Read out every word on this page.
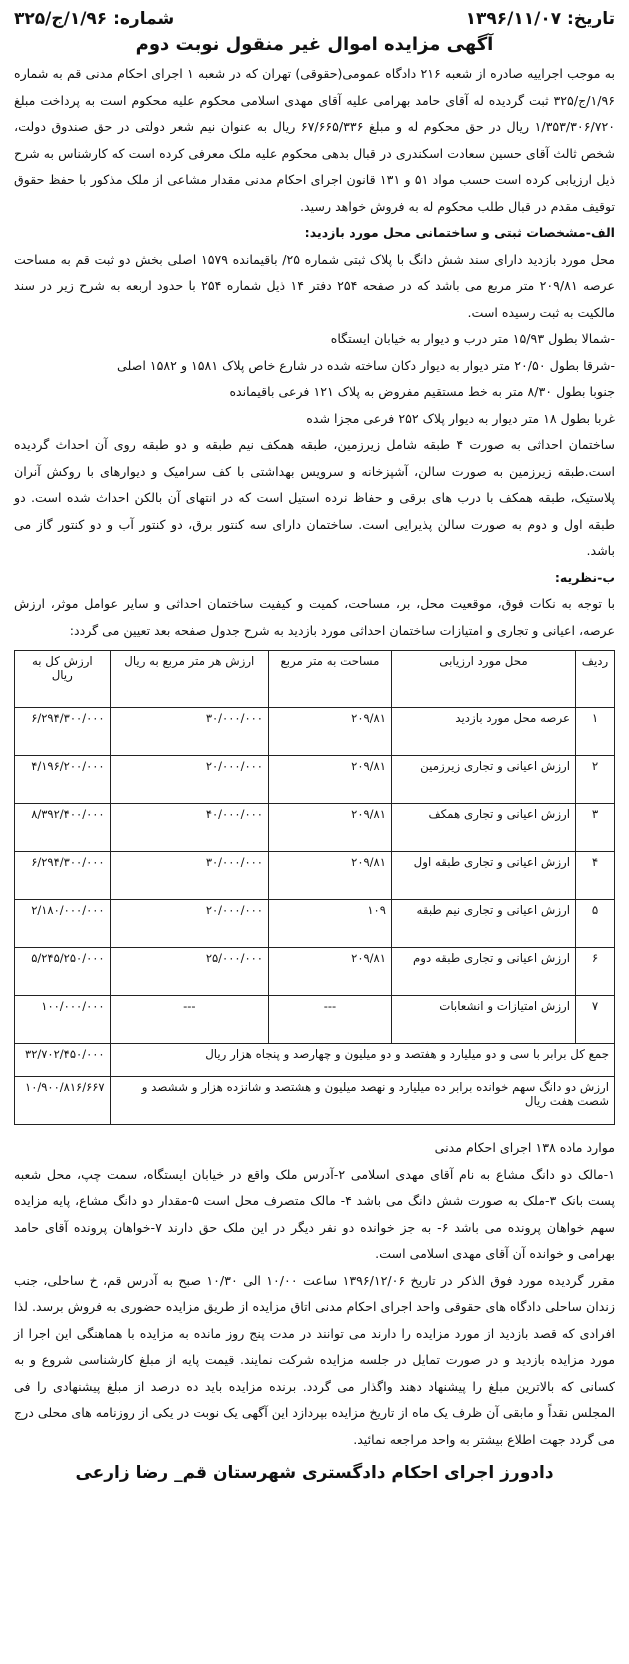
تاریخ: ۱۳۹۶/۱۱/۰۷
شماره: ۱/۹۶/ج/۳۲۵
آگهی مزایده اموال غیر منقول نوبت دوم

به موجب اجراییه صادره از شعبه ۲۱۶ دادگاه عمومی(حقوقی) تهران که در شعبه ۱ اجرای احکام مدنی قم به شماره ۱/۹۶/ج/۳۲۵ ثبت گردیده له آقای حامد بهرامی علیه آقای مهدی اسلامی محکوم علیه محکوم است به پرداخت مبلغ ۱/۳۵۳/۳۰۶/۷۲۰ ریال در حق محکوم له و مبلغ ۶۷/۶۶۵/۳۳۶ ریال به عنوان نیم شعر دولتی در حق صندوق دولت، شخص ثالث آقای حسین سعادت اسکندری در قبال بدهی محکوم علیه ملک معرفی کرده است که کارشناس به شرح ذیل ارزیابی کرده است حسب مواد ۵۱ و ۱۳۱ قانون اجرای احکام مدنی مقدار مشاعی از ملک مذکور با حفظ حقوق توقیف مقدم در قبال طلب محکوم له به فروش خواهد رسید.

الف-مشخصات ثبتی و ساختمانی محل مورد بازدید:

محل مورد بازدید دارای سند شش دانگ با پلاک ثبتی شماره ۲۵/ باقیمانده ۱۵۷۹ اصلی بخش دو ثبت قم به مساحت عرصه ۲۰۹/۸۱ متر مربع می باشد که در صفحه ۲۵۴ دفتر ۱۴ ذیل شماره ۲۵۴ با حدود اربعه به شرح زیر در سند مالکیت به ثبت رسیده است.

-شمالا بطول ۱۵/۹۳ متر درب و دیوار به خیابان ایستگاه

-شرقا بطول ۲۰/۵۰ متر دیوار به دیوار دکان ساخته شده در شارع خاص پلاک ۱۵۸۱ و ۱۵۸۲ اصلی

جنوبا بطول ۸/۳۰ متر به خط مستقیم مفروض به پلاک ۱۲۱ فرعی باقیمانده

غربا بطول ۱۸ متر دیوار به دیوار پلاک ۲۵۲ فرعی مجزا شده

ساختمان احداثی به صورت ۴ طبقه شامل زیرزمین، طبقه همکف نیم طبقه و دو طبقه روی آن احداث گردیده است.طبقه زیرزمین به صورت سالن، آشپزخانه و سرویس بهداشتی با کف سرامیک و دیوارهای با روکش آنران پلاستیک، طبقه همکف با درب های برقی و حفاظ نرده استیل است که در انتهای آن بالکن احداث شده است. دو طبقه اول و دوم به صورت سالن پذیرایی است. ساختمان دارای سه کنتور برق، دو کنتور آب و دو کنتور گاز می باشد.

ب-نظریه:

با توجه به نکات فوق، موقعیت محل، بر، مساحت، کمیت و کیفیت ساختمان احداثی و سایر عوامل موثر، ارزش عرصه، اعیانی و تجاری و امتیازات ساختمان احداثی مورد بازدید به شرح جدول صفحه بعد تعیین می گردد:

ردیف	محل مورد ارزیابی	مساحت به متر مربع	ارزش هر متر مربع به ریال	ارزش کل به ریال
۱	عرصه محل مورد بازدید	۲۰۹/۸۱	۳۰/۰۰۰/۰۰۰	۶/۲۹۴/۳۰۰/۰۰۰
۲	ارزش اعیانی و تجاری زیرزمین	۲۰۹/۸۱	۲۰/۰۰۰/۰۰۰	۴/۱۹۶/۲۰۰/۰۰۰
۳	ارزش اعیانی و تجاری همکف	۲۰۹/۸۱	۴۰/۰۰۰/۰۰۰	۸/۳۹۲/۴۰۰/۰۰۰
۴	ارزش اعیانی و تجاری طبقه اول	۲۰۹/۸۱	۳۰/۰۰۰/۰۰۰	۶/۲۹۴/۳۰۰/۰۰۰
۵	ارزش اعیانی و تجاری نیم طبقه	۱۰۹	۲۰/۰۰۰/۰۰۰	۲/۱۸۰/۰۰۰/۰۰۰
۶	ارزش اعیانی و تجاری طبقه دوم	۲۰۹/۸۱	۲۵/۰۰۰/۰۰۰	۵/۲۴۵/۲۵۰/۰۰۰
۷	ارزش امتیازات و انشعابات	---	---	۱۰۰/۰۰۰/۰۰۰
جمع کل برابر با سی و دو میلیارد و هفتصد و دو میلیون و چهارصد و پنجاه هزار ریال				۳۲/۷۰۲/۴۵۰/۰۰۰
ارزش دو دانگ سهم خوانده برابر ده میلیارد و نهصد میلیون و هشتصد و شانزده هزار و ششصد و شصت هفت ریال				۱۰/۹۰۰/۸۱۶/۶۶۷

موارد ماده ۱۳۸ اجرای احکام مدنی

۱-مالک دو دانگ مشاع به نام آقای مهدی اسلامی ۲-آدرس ملک واقع در خیابان ایستگاه، سمت چپ، محل شعبه پست بانک ۳-ملک به صورت شش دانگ می باشد ۴- مالک متصرف محل است ۵-مقدار دو دانگ مشاع، پایه مزایده سهم خواهان پرونده می باشد ۶- به جز خوانده دو نفر دیگر در این ملک حق دارند ۷-خواهان پرونده آقای حامد بهرامی و خوانده آن آقای مهدی اسلامی است.

مقرر گردیده مورد فوق الذکر در تاریخ ۱۳۹۶/۱۲/۰۶ ساعت ۱۰/۰۰ الی ۱۰/۳۰ صبح به آدرس قم، خ ساحلی، جنب زندان ساحلی دادگاه های حقوقی واحد اجرای احکام مدنی اتاق مزایده از طریق مزایده حضوری به فروش برسد. لذا افرادی که قصد بازدید از مورد مزایده را دارند می توانند در مدت پنج روز مانده به مزایده با هماهنگی این اجرا از مورد مزایده بازدید و در صورت تمایل در جلسه مزایده شرکت نمایند. قیمت پایه از مبلغ کارشناسی شروع و به کسانی که بالاترین مبلغ را پیشنهاد دهند واگذار می گردد. برنده مزایده باید ده درصد از مبلغ پیشنهادی را فی المجلس نقداً و مابقی آن ظرف یک ماه از تاریخ مزایده بپردازد این آگهی یک نوبت در یکی از روزنامه های محلی درج می گردد جهت اطلاع بیشتر به واحد مراجعه نمائید.

دادورز اجرای احکام دادگستری شهرستان قم_ رضا زارعی
